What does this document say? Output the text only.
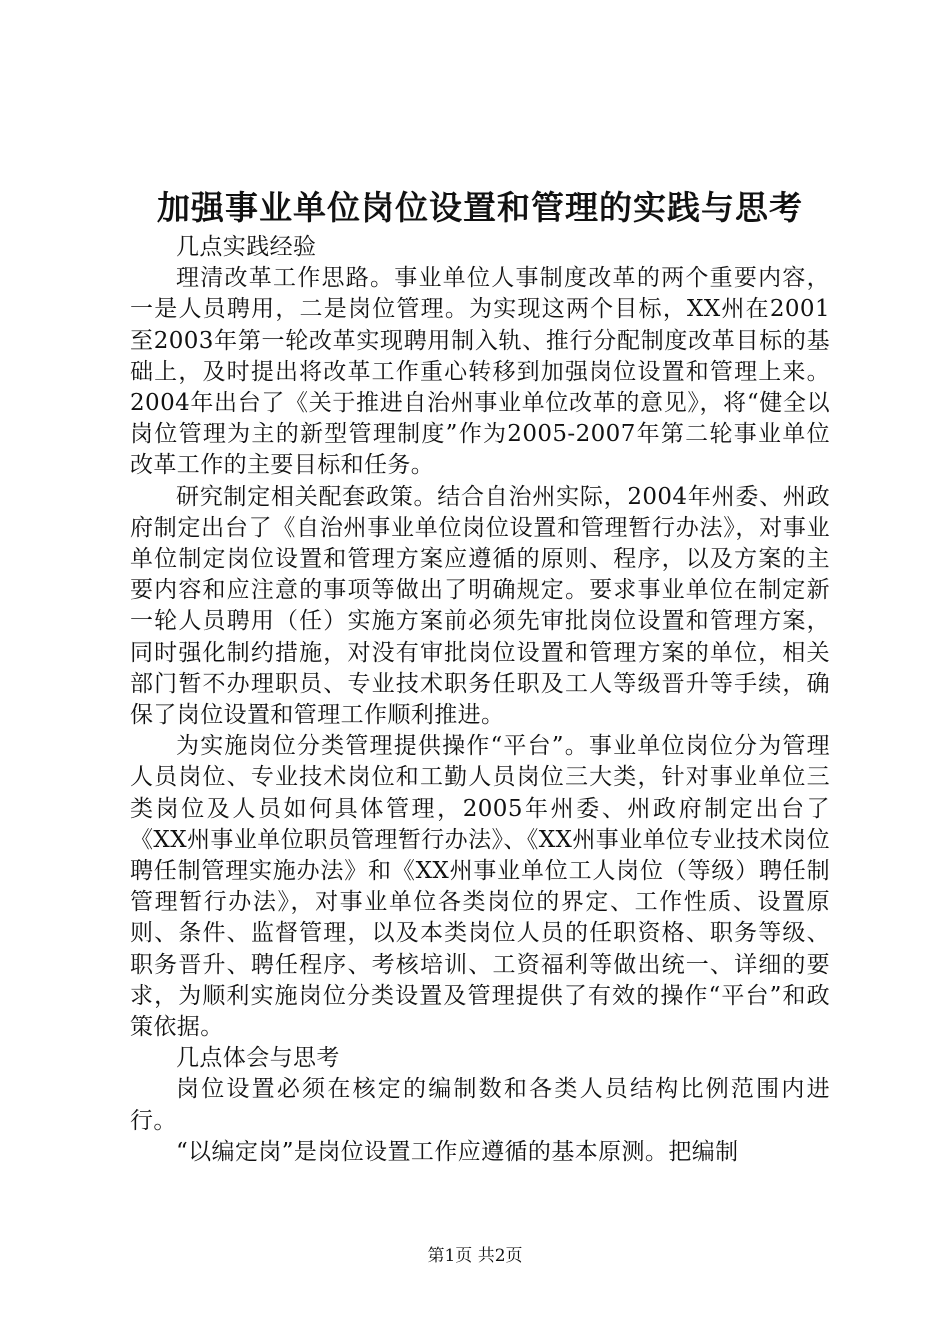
加强事业单位岗位设置和管理的实践与思考

几点实践经验

理清改革工作思路。事业单位人事制度改革的两个重要内容，一是人员聘用，二是岗位管理。为实现这两个目标，XX州在2001至2003年第一轮改革实现聘用制入轨、推行分配制度改革目标的基础上，及时提出将改革工作重心转移到加强岗位设置和管理上来。2004年出台了《关于推进自治州事业单位改革的意见》，将“健全以岗位管理为主的新型管理制度”作为2005-2007年第二轮事业单位改革工作的主要目标和任务。

研究制定相关配套政策。结合自治州实际，2004年州委、州政府制定出台了《自治州事业单位岗位设置和管理暂行办法》，对事业单位制定岗位设置和管理方案应遵循的原则、程序，以及方案的主要内容和应注意的事项等做出了明确规定。要求事业单位在制定新一轮人员聘用（任）实施方案前必须先审批岗位设置和管理方案，同时强化制约措施，对没有审批岗位设置和管理方案的单位，相关部门暂不办理职员、专业技术职务任职及工人等级晋升等手续，确保了岗位设置和管理工作顺利推进。

为实施岗位分类管理提供操作“平台”。事业单位岗位分为管理人员岗位、专业技术岗位和工勤人员岗位三大类，针对事业单位三类岗位及人员如何具体管理，2005年州委、州政府制定出台了《XX州事业单位职员管理暂行办法》、《XX州事业单位专业技术岗位聘任制管理实施办法》和《XX州事业单位工人岗位（等级）聘任制管理暂行办法》，对事业单位各类岗位的界定、工作性质、设置原则、条件、监督管理，以及本类岗位人员的任职资格、职务等级、职务晋升、聘任程序、考核培训、工资福利等做出统一、详细的要求，为顺利实施岗位分类设置及管理提供了有效的操作“平台”和政策依据。

几点体会与思考

岗位设置必须在核定的编制数和各类人员结构比例范围内进行。

“以编定岗”是岗位设置工作应遵循的基本原测。把编制

第1页 共2页
